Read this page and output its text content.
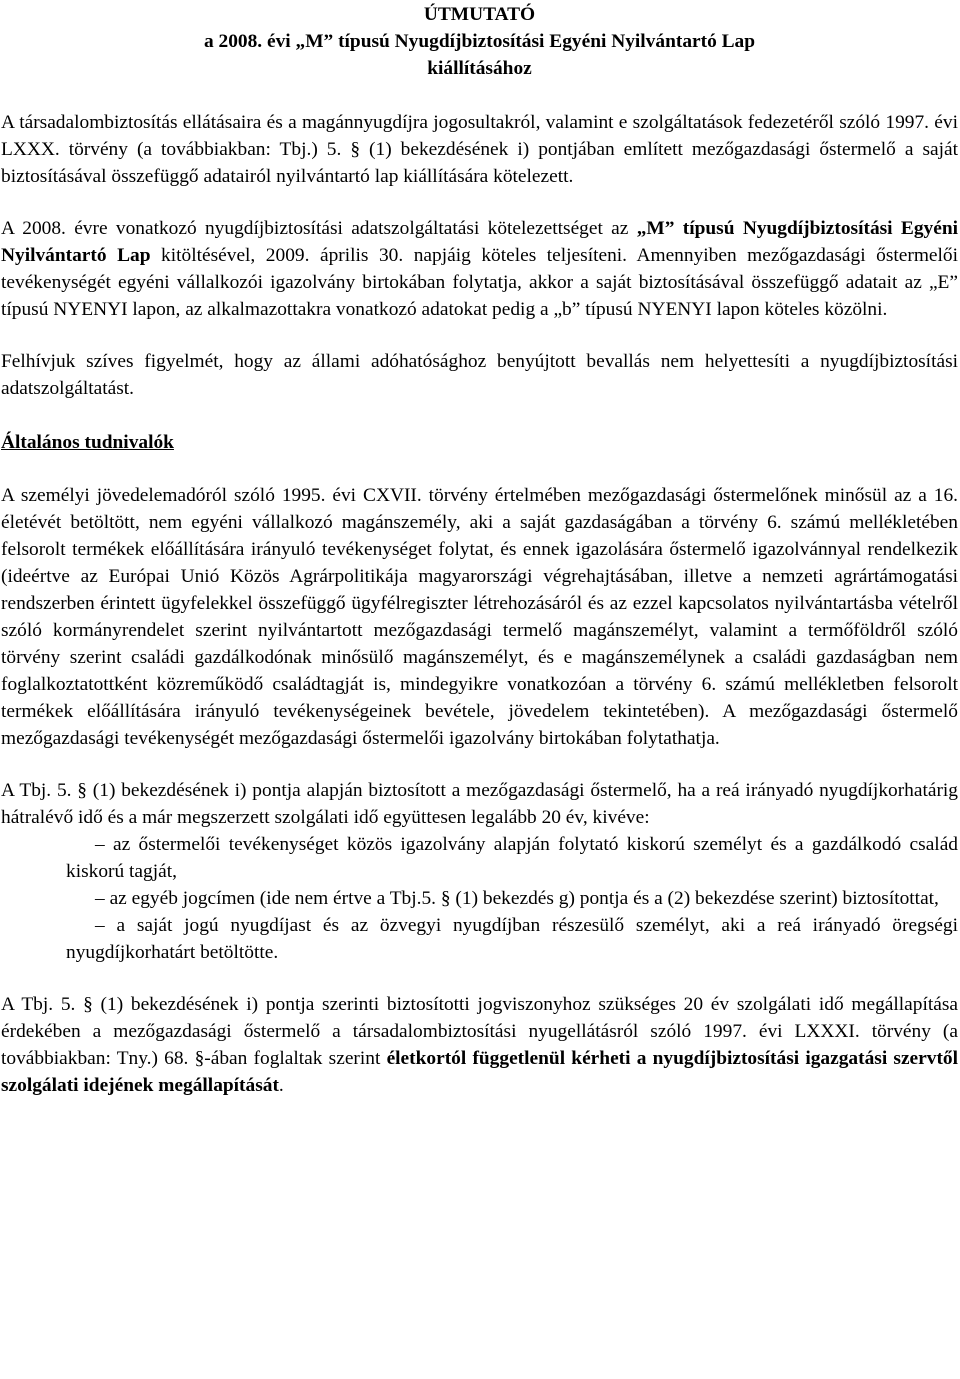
ÚTMUTATÓ
a 2008. évi „M” típusú Nyugdíjbiztosítási Egyéni Nyilvántartó Lap
kiállításához

A társadalombiztosítás ellátásaira és a magánnyugdíjra jogosultakról, valamint e szolgáltatások fedezetéről szóló 1997. évi LXXX. törvény (a továbbiakban: Tbj.) 5. § (1) bekezdésének i) pontjában említett mezőgazdasági őstermelő a saját biztosításával összefüggő adatairól nyilvántartó lap kiállítására kötelezett.

A 2008. évre vonatkozó nyugdíjbiztosítási adatszolgáltatási kötelezettséget az „M” típusú Nyugdíjbiztosítási Egyéni Nyilvántartó Lap kitöltésével, 2009. április 30. napjáig köteles teljesíteni. Amennyiben mezőgazdasági őstermelői tevékenységét egyéni vállalkozói igazolvány birtokában folytatja, akkor a saját biztosításával összefüggő adatait az „E” típusú NYENYI lapon, az alkalmazottakra vonatkozó adatokat pedig a „b” típusú NYENYI lapon köteles közölni.

Felhívjuk szíves figyelmét, hogy az állami adóhatósághoz benyújtott bevallás nem helyettesíti a nyugdíjbiztosítási adatszolgáltatást.

Általános tudnivalók

A személyi jövedelemadóról szóló 1995. évi CXVII. törvény értelmében mezőgazdasági őstermelőnek minősül az a 16. életévét betöltött, nem egyéni vállalkozó magánszemély, aki a saját gazdaságában a törvény 6. számú mellékletében felsorolt termékek előállítására irányuló tevékenységet folytat, és ennek igazolására őstermelő igazolvánnyal rendelkezik (ideértve az Európai Unió Közös Agrárpolitikája magyarországi végrehajtásában, illetve a nemzeti agrártámogatási rendszerben érintett ügyfelekkel összefüggő ügyfélregiszter létrehozásáról és az ezzel kapcsolatos nyilvántartásba vételről szóló kormányrendelet szerint nyilvántartott mezőgazdasági termelő magánszemélyt, valamint a termőföldről szóló törvény szerint családi gazdálkodónak minősülő magánszemélyt, és e magánszemélynek a családi gazdaságban nem foglalkoztatottként közreműködő családtagját is, mindegyikre vonatkozóan a törvény 6. számú mellékletben felsorolt termékek előállítására irányuló tevékenységeinek bevétele, jövedelem tekintetében). A mezőgazdasági őstermelő mezőgazdasági tevékenységét mezőgazdasági őstermelői igazolvány birtokában folytathatja.

A Tbj. 5. § (1) bekezdésének i) pontja alapján biztosított a mezőgazdasági őstermelő, ha a reá irányadó nyugdíjkorhatárig hátralévő idő és a már megszerzett szolgálati idő együttesen legalább 20 év, kivéve:

– az őstermelői tevékenységet közös igazolvány alapján folytató kiskorú személyt és a gazdálkodó család kiskorú tagját,
– az egyéb jogcímen (ide nem értve a Tbj.5. § (1) bekezdés g) pontja és a (2) bekezdése szerint) biztosítottat,
– a saját jogú nyugdíjast és az özvegyi nyugdíjban részesülő személyt, aki a reá irányadó öregségi nyugdíjkorhatárt betöltötte.

A Tbj. 5. § (1) bekezdésének i) pontja szerinti biztosítotti jogviszonyhoz szükséges 20 év szolgálati idő megállapítása érdekében a mezőgazdasági őstermelő a társadalombiztosítási nyugellátásról szóló 1997. évi LXXXI. törvény (a továbbiakban: Tny.) 68. §-ában foglaltak szerint életkortól függetlenül kérheti a nyugdíjbiztosítási igazgatási szervtől szolgálati idejének megállapítását.
